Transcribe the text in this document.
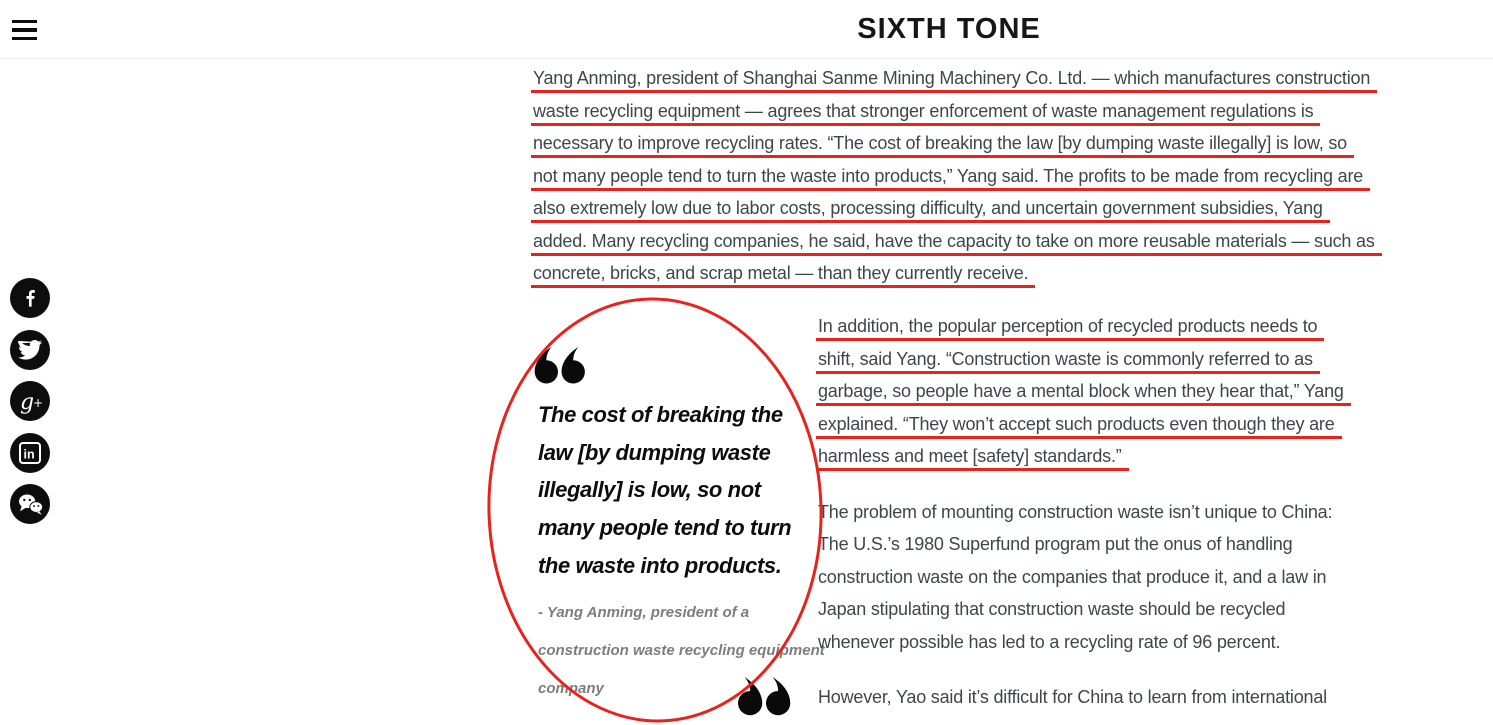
SIXTH TONE
g
+
in
Yang Anming, president of Shanghai Sanme Mining Machinery Co. Ltd. — which manufactures construction
waste recycling equipment — agrees that stronger enforcement of waste management regulations is
necessary to improve recycling rates. “The cost of breaking the law [by dumping waste illegally] is low, so
not many people tend to turn the waste into products,” Yang said. The profits to be made from recycling are
also extremely low due to labor costs, processing difficulty, and uncertain government subsidies, Yang
added. Many recycling companies, he said, have the capacity to take on more reusable materials — such as
concrete, bricks, and scrap metal — than they currently receive.
The cost of breaking the
law [by dumping waste
illegally] is low, so not
many people tend to turn
the waste into products.
- Yang Anming, president of a
construction waste recycling equipment
company
In addition, the popular perception of recycled products needs to
shift, said Yang. “Construction waste is commonly referred to as
garbage, so people have a mental block when they hear that,” Yang
explained. “They won’t accept such products even though they are
harmless and meet [safety] standards.”
The problem of mounting construction waste isn’t unique to China:
The U.S.’s 1980 Superfund program put the onus of handling
construction waste on the companies that produce it, and a law in
Japan stipulating that construction waste should be recycled
whenever possible has led to a recycling rate of 96 percent.
However, Yao said it’s difficult for China to learn from international
